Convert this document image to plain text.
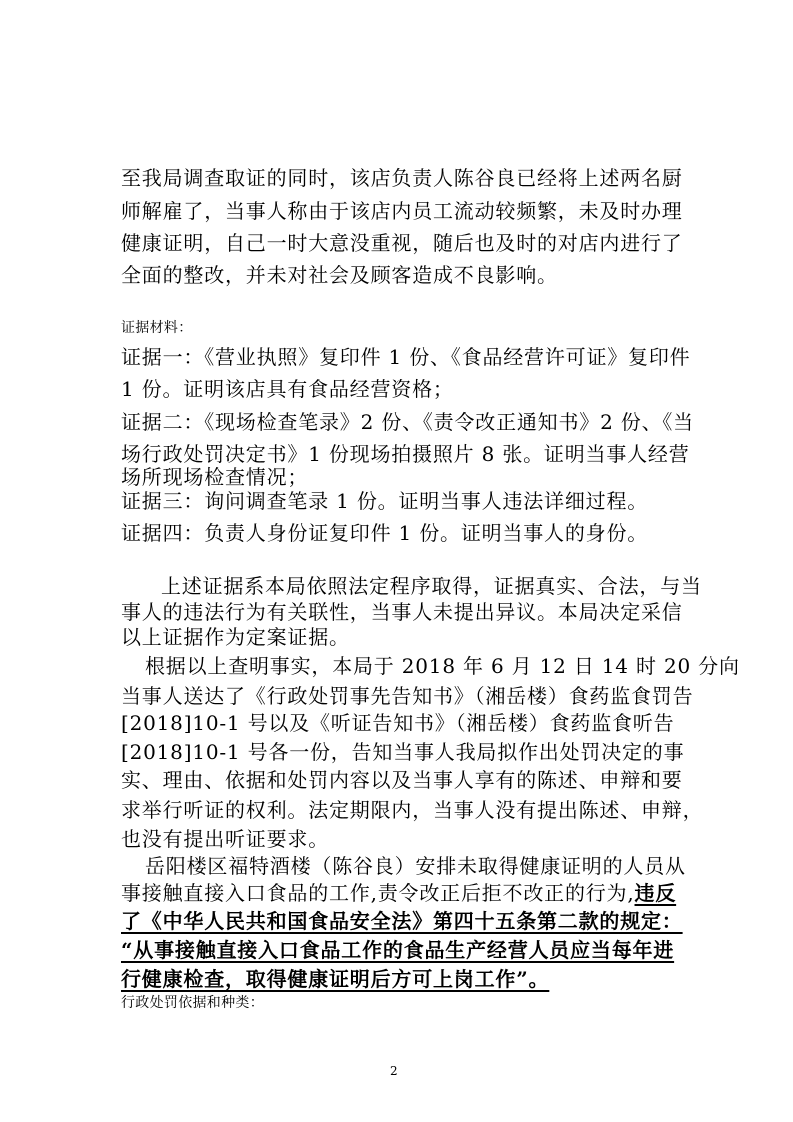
至我局调查取证的同时，该店负责人陈谷良已经将上述两名厨

师解雇了，当事人称由于该店内员工流动较频繁，未及时办理

健康证明，自己一时大意没重视，随后也及时的对店内进行了

全面的整改，并未对社会及顾客造成不良影响。

证据材料：

证据一：《营业执照》复印件 1 份、《食品经营许可证》复印件

1 份。证明该店具有食品经营资格；

证据二：《现场检查笔录》2 份、《责令改正通知书》2 份、《当

场行政处罚决定书》1 份现场拍摄照片 8 张。证明当事人经营

场所现场检查情况；

证据三：询问调查笔录 1 份。证明当事人违法详细过程。

证据四：负责人身份证复印件 1 份。证明当事人的身份。

上述证据系本局依照法定程序取得，证据真实、合法，与当

事人的违法行为有关联性，当事人未提出异议。本局决定采信

以上证据作为定案证据。

根据以上查明事实，本局于 2018 年 6 月 12 日 14 时 20 分向

当事人送达了《行政处罚事先告知书》（湘岳楼）食药监食罚告

[2018]10-1 号以及《听证告知书》（湘岳楼）食药监食听告

[2018]10-1 号各一份，告知当事人我局拟作出处罚决定的事

实、理由、依据和处罚内容以及当事人享有的陈述、申辩和要

求举行听证的权利。法定期限内，当事人没有提出陈述、申辩，

也没有提出听证要求。

岳阳楼区福特酒楼（陈谷良）安排未取得健康证明的人员从

事接触直接入口食品的工作,责令改正后拒不改正的行为,违反

了《中华人民共和国食品安全法》第四十五条第二款的规定：

“从事接触直接入口食品工作的食品生产经营人员应当每年进

行健康检查，取得健康证明后方可上岗工作”。

行政处罚依据和种类：

2
